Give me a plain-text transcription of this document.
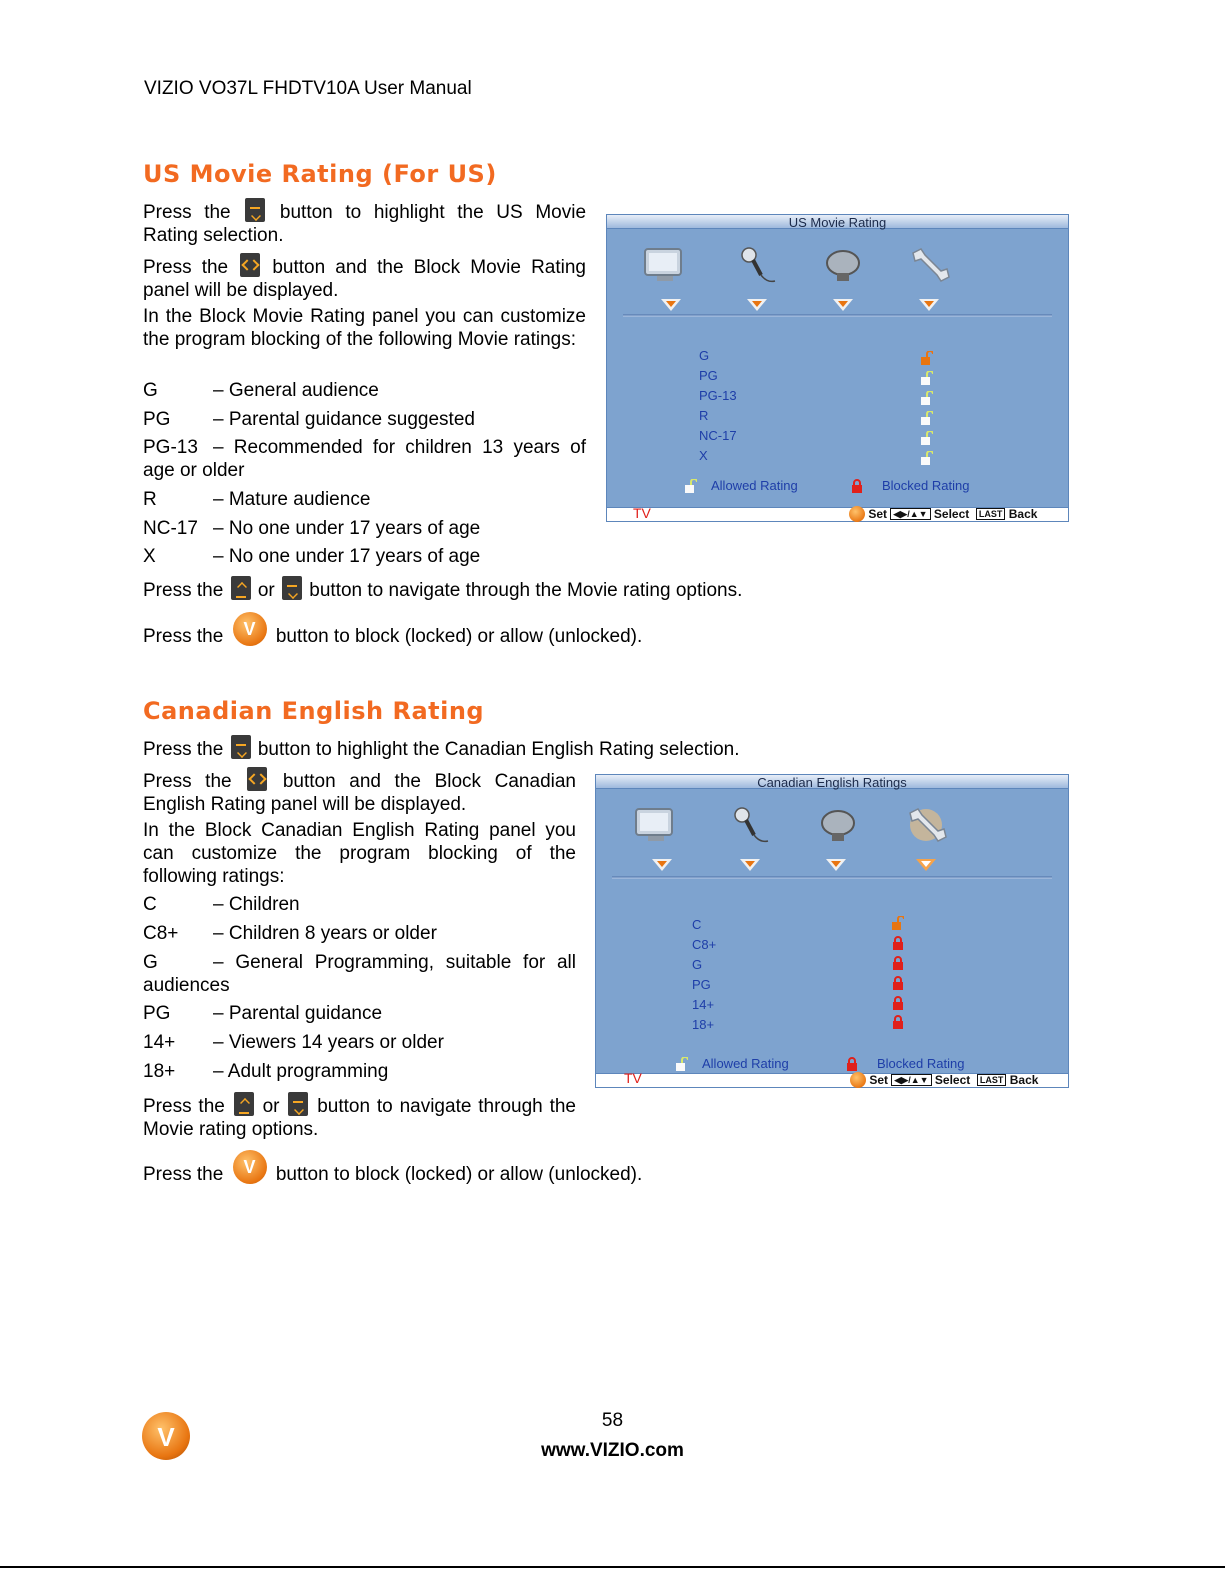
VIZIO VO37L FHDTV10A User Manual
US Movie Rating (For US)
Press the	button to highlight the US Movie Rating selection.
Press the button and the Block Movie Rating panel will be displayed.
In the Block Movie Rating panel you can customize the program blocking of the following Movie ratings:
G	– General audience
PG – Parental guidance suggested
PG-13 – Recommended for children 13 years of age or older
R	– Mature audience
NC-17 – No one under 17 years of age
X	– No one under 17 years of age
Press the or button to navigate through the Movie rating options.
Press the	V	button to block (locked) or allow (unlocked).
US Movie Rating
G
PG
PG-13
R
NC-17
X
Allowed Rating	Blocked Rating
TV	Set ◀▶/▲▼ Select LAST Back
Canadian English Rating
Press the button to highlight the Canadian English Rating selection.
Press the	button and the Block Canadian English Rating panel will be displayed.
In the Block Canadian English Rating panel you can customize the program blocking of the following ratings:
C	– Children
C8+ – Children 8 years or older
G	– General Programming, suitable for all audiences
PG – Parental guidance
14+ – Viewers 14 years or older
18+ – Adult programming
Press the or button to navigate through the Movie rating options.
Press the	V	button to block (locked) or allow (unlocked).
Canadian English Ratings
C
C8+
G
PG
14+
18+
Allowed Rating	Blocked Rating
TV	Set ◀▶/▲▼ Select LAST Back
V
58
www.VIZIO.com
